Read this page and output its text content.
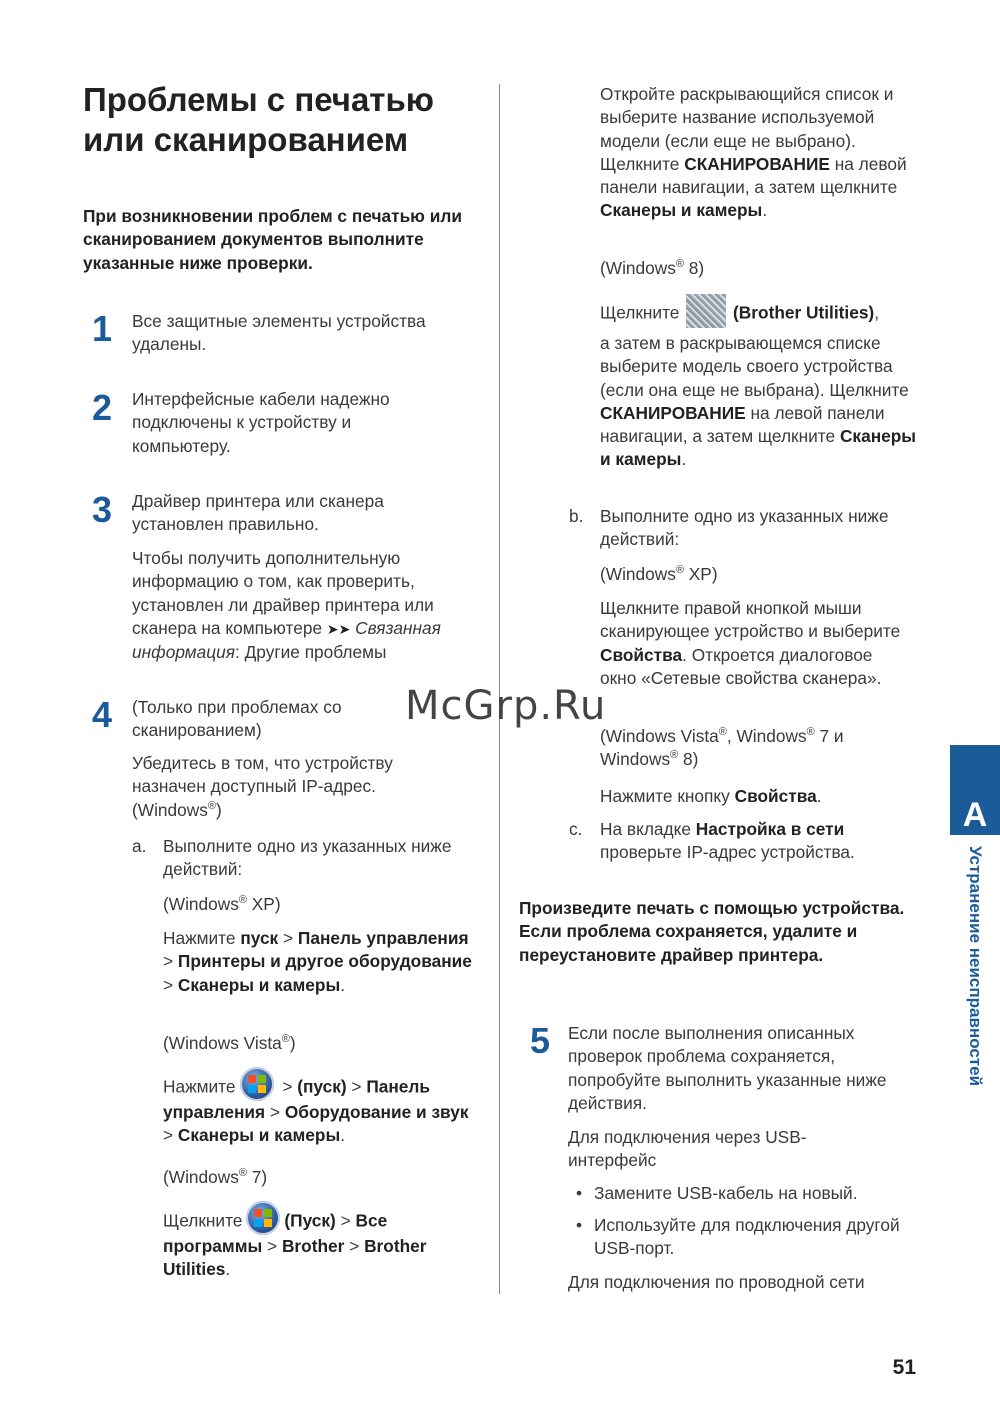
Проблемы с печатью
или сканированием
При возникновении проблем с печатью или сканированием документов выполните указанные ниже проверки.
1 Все защитные элементы устройства удалены.
2 Интерфейсные кабели надежно подключены к устройству и компьютеру.
3 Драйвер принтера или сканера установлен правильно.
Чтобы получить дополнительную информацию о том, как проверить, установлен ли драйвер принтера или сканера на компьютере ➤➤ Связанная информация: Другие проблемы
4 (Только при проблемах со сканированием)
Убедитесь в том, что устройству назначен доступный IP-адрес. (Windows®)
a. Выполните одно из указанных ниже действий:
(Windows® XP)
Нажмите пуск > Панель управления > Принтеры и другое оборудование > Сканеры и камеры.
(Windows Vista®)
Нажмите
> (пуск) > Панель управления > Оборудование и звук > Сканеры и камеры.
(Windows® 7)
Щелкните (Пуск) > Все программы > Brother > Brother Utilities.
Откройте раскрывающийся список и выберите название используемой модели (если еще не выбрано). Щелкните СКАНИРОВАНИЕ на левой панели навигации, а затем щелкните Сканеры и камеры.
(Windows® 8)
Щелкните	(Brother Utilities),
а затем в раскрывающемся списке выберите модель своего устройства (если она еще не выбрана). Щелкните СКАНИРОВАНИЕ на левой панели навигации, а затем щелкните Сканеры и камеры.
b. Выполните одно из указанных ниже действий:
(Windows® XP)
Щелкните правой кнопкой мыши сканирующее устройство и выберите Свойства. Откроется диалоговое окно «Сетевые свойства сканера».
(Windows Vista®, Windows® 7 и
Windows® 8)
Нажмите кнопку Свойства.
c. На вкладке Настройка в сети проверьте IP-адрес устройства.
Произведите печать с помощью устройства. Если проблема сохраняется, удалите и переустановите драйвер принтера.
5 Если после выполнения описанных проверок проблема сохраняется, попробуйте выполнить указанные ниже действия.
Для подключения через USB-интерфейс
• Замените USB-кабель на новый.
• Используйте для подключения другой USB-порт.
Для подключения по проводной сети
A
Устранение неисправностей
McGrp.Ru
51
